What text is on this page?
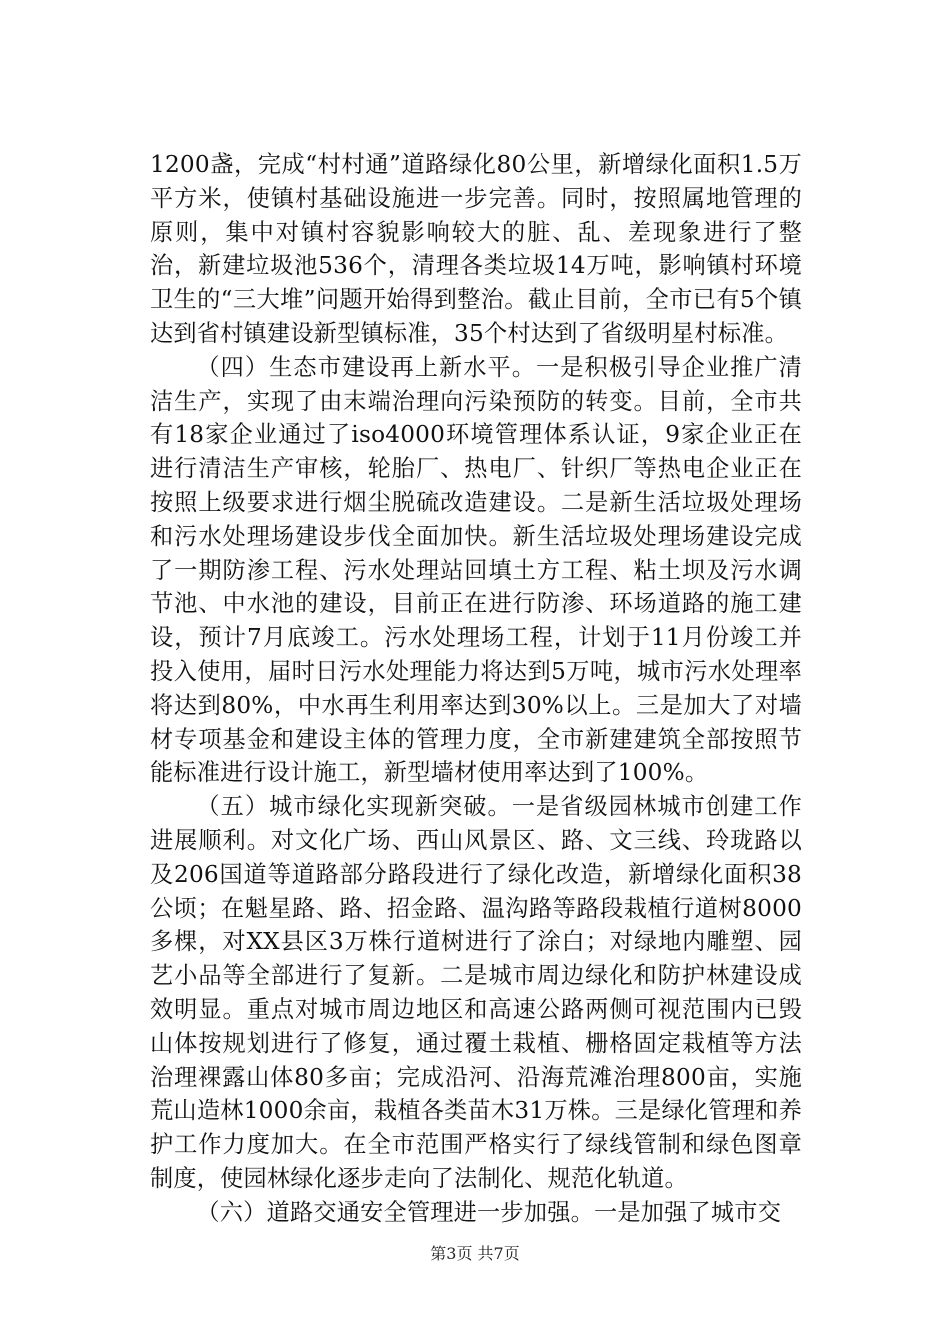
1200盏，完成“村村通”道路绿化80公里，新增绿化面积1.5万平方米，使镇村基础设施进一步完善。同时，按照属地管理的原则，集中对镇村容貌影响较大的脏、乱、差现象进行了整治，新建垃圾池536个，清理各类垃圾14万吨，影响镇村环境卫生的“三大堆”问题开始得到整治。截止目前，全市已有5个镇达到省村镇建设新型镇标准，35个村达到了省级明星村标准。

（四）生态市建设再上新水平。一是积极引导企业推广清洁生产，实现了由末端治理向污染预防的转变。目前，全市共有18家企业通过了iso4000环境管理体系认证，9家企业正在进行清洁生产审核，轮胎厂、热电厂、针织厂等热电企业正在按照上级要求进行烟尘脱硫改造建设。二是新生活垃圾处理场和污水处理场建设步伐全面加快。新生活垃圾处理场建设完成了一期防渗工程、污水处理站回填土方工程、粘土坝及污水调节池、中水池的建设，目前正在进行防渗、环场道路的施工建设，预计7月底竣工。污水处理场工程，计划于11月份竣工并投入使用，届时日污水处理能力将达到5万吨，城市污水处理率将达到80%，中水再生利用率达到30%以上。三是加大了对墙材专项基金和建设主体的管理力度，全市新建建筑全部按照节能标准进行设计施工，新型墙材使用率达到了100%。

（五）城市绿化实现新突破。一是省级园林城市创建工作进展顺利。对文化广场、西山风景区、路、文三线、玲珑路以及206国道等道路部分路段进行了绿化改造，新增绿化面积38公顷；在魁星路、路、招金路、温沟路等路段栽植行道树8000多棵，对XX县区3万株行道树进行了涂白；对绿地内雕塑、园艺小品等全部进行了复新。二是城市周边绿化和防护林建设成效明显。重点对城市周边地区和高速公路两侧可视范围内已毁山体按规划进行了修复，通过覆土栽植、栅格固定栽植等方法治理裸露山体80多亩；完成沿河、沿海荒滩治理800亩，实施荒山造林1000余亩，栽植各类苗木31万株。三是绿化管理和养护工作力度加大。在全市范围严格实行了绿线管制和绿色图章制度，使园林绿化逐步走向了法制化、规范化轨道。

（六）道路交通安全管理进一步加强。一是加强了城市交

第3页 共7页
